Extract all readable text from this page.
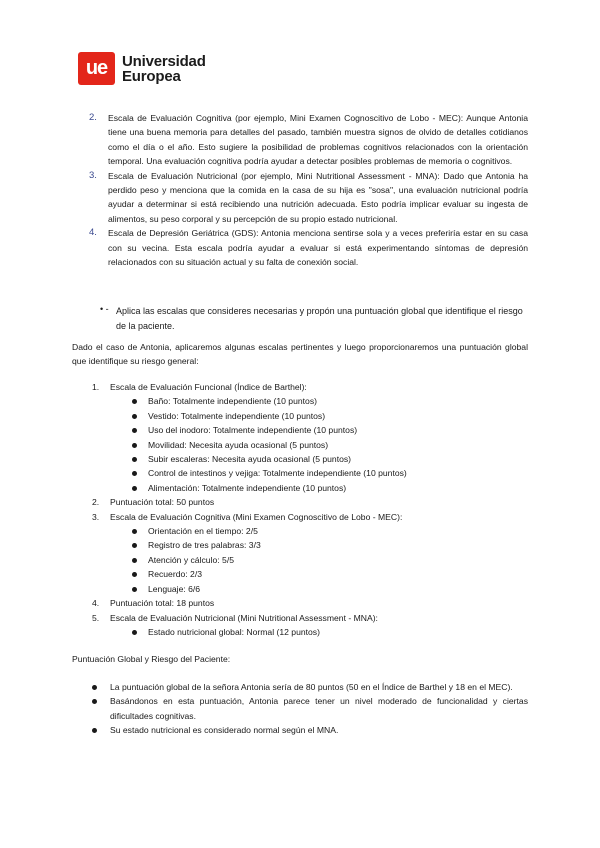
ue Universidad
Europea
2. Escala de Evaluación Cognitiva (por ejemplo, Mini Examen Cognoscitivo de Lobo - MEC): Aunque Antonia tiene una buena memoria para detalles del pasado, también muestra signos de olvido de detalles cotidianos como el día o el año. Esto sugiere la posibilidad de problemas cognitivos relacionados con la orientación temporal. Una evaluación cognitiva podría ayudar a detectar posibles problemas de memoria o cognitivos.
3. Escala de Evaluación Nutricional (por ejemplo, Mini Nutritional Assessment - MNA): Dado que Antonia ha perdido peso y menciona que la comida en la casa de su hija es "sosa", una evaluación nutricional podría ayudar a determinar si está recibiendo una nutrición adecuada. Esto podría implicar evaluar su ingesta de alimentos, su peso corporal y su percepción de su propio estado nutricional.
4. Escala de Depresión Geriátrica (GDS): Antonia menciona sentirse sola y a veces preferiría estar en su casa con su vecina. Esta escala podría ayudar a evaluar si está experimentando síntomas de depresión relacionados con su situación actual y su falta de conexión social.
• - Aplica las escalas que consideres necesarias y propón una puntuación global que identifique el riesgo de la paciente.

Dado el caso de Antonia, aplicaremos algunas escalas pertinentes y luego proporcionaremos una puntuación global que identifique su riesgo general:

1. Escala de Evaluación Funcional (Índice de Barthel):
Baño: Totalmente independiente (10 puntos)
Vestido: Totalmente independiente (10 puntos)
Uso del inodoro: Totalmente independiente (10 puntos)
Movilidad: Necesita ayuda ocasional (5 puntos)
Subir escaleras: Necesita ayuda ocasional (5 puntos)
Control de intestinos y vejiga: Totalmente independiente (10 puntos)
Alimentación: Totalmente independiente (10 puntos)
2. Puntuación total: 50 puntos
3. Escala de Evaluación Cognitiva (Mini Examen Cognoscitivo de Lobo - MEC):
Orientación en el tiempo: 2/5
Registro de tres palabras: 3/3
Atención y cálculo: 5/5
Recuerdo: 2/3
Lenguaje: 6/6
4. Puntuación total: 18 puntos
5. Escala de Evaluación Nutricional (Mini Nutritional Assessment - MNA):
Estado nutricional global: Normal (12 puntos)

Puntuación Global y Riesgo del Paciente:

La puntuación global de la señora Antonia sería de 80 puntos (50 en el Índice de Barthel y 18 en el MEC).
Basándonos en esta puntuación, Antonia parece tener un nivel moderado de funcionalidad y ciertas dificultades cognitivas.
Su estado nutricional es considerado normal según el MNA.
